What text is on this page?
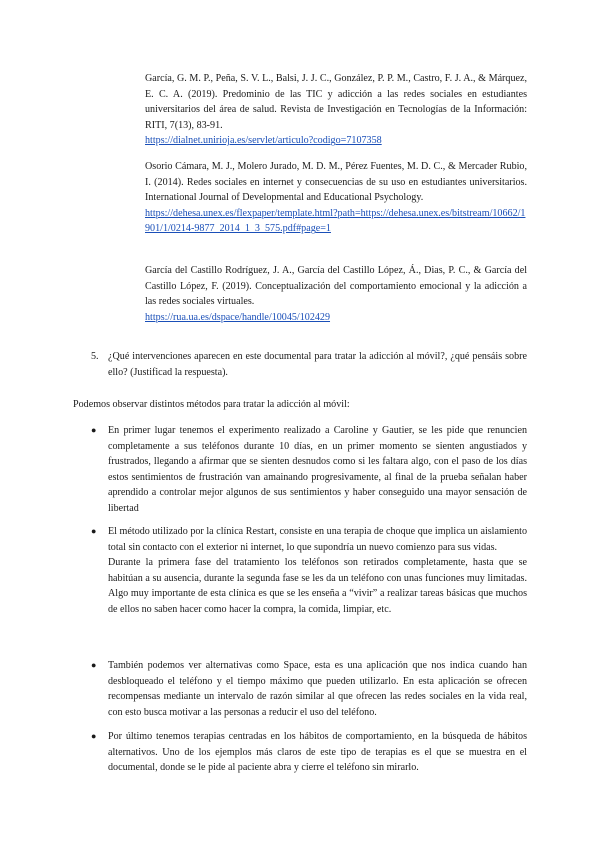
García, G. M. P., Peña, S. V. L., Balsi, J. J. C., González, P. P. M., Castro, F. J. A., & Márquez, E. C. A. (2019). Predominio de las TIC y adicción a las redes sociales en estudiantes universitarios del área de salud. Revista de Investigación en Tecnologías de la Información: RITI, 7(13), 83-91.
https://dialnet.unirioja.es/servlet/articulo?codigo=7107358
Osorio Cámara, M. J., Molero Jurado, M. D. M., Pérez Fuentes, M. D. C., & Mercader Rubio, I. (2014). Redes sociales en internet y consecuencias de su uso en estudiantes universitarios. International Journal of Developmental and Educational Psychology.
https://dehesa.unex.es/flexpaper/template.html?path=https://dehesa.unex.es/bitstream/10662/1901/1/0214-9877_2014_1_3_575.pdf#page=1
García del Castillo Rodríguez, J. A., García del Castillo López, Á., Dias, P. C., & García del Castillo López, F. (2019). Conceptualización del comportamiento emocional y la adicción a las redes sociales virtuales.
https://rua.ua.es/dspace/handle/10045/102429
5. ¿Qué intervenciones aparecen en este documental para tratar la adicción al móvil?, ¿qué pensáis sobre ello? (Justificad la respuesta).
Podemos observar distintos métodos para tratar la adicción al móvil:
● En primer lugar tenemos el experimento realizado a Caroline y Gautier, se les pide que renuncien completamente a sus teléfonos durante 10 días, en un primer momento se sienten angustiados y frustrados, llegando a afirmar que se sienten desnudos como si les faltara algo, con el paso de los días estos sentimientos de frustración van amainando progresivamente, al final de la prueba señalan haber aprendido a controlar mejor algunos de sus sentimientos y haber conseguido una mayor sensación de libertad

● El método utilizado por la clínica Restart, consiste en una terapia de choque que implica un aislamiento total sin contacto con el exterior ni internet, lo que supondría un nuevo comienzo para sus vidas.

Durante la primera fase del tratamiento los teléfonos son retirados completamente, hasta que se habitúan a su ausencia, durante la segunda fase se les da un teléfono con unas funciones muy limitadas. Algo muy importante de esta clínica es que se les enseña a “vivir” a realizar tareas básicas que muchos de ellos no saben hacer como hacer la compra, la comida, limpiar, etc.

● También podemos ver alternativas como Space, esta es una aplicación que nos indica cuando han desbloqueado el teléfono y el tiempo máximo que pueden utilizarlo. En esta aplicación se ofrecen recompensas mediante un intervalo de razón similar al que ofrecen las redes sociales en la vida real, con esto busca motivar a las personas a reducir el uso del teléfono.

● Por último tenemos terapias centradas en los hábitos de comportamiento, en la búsqueda de hábitos alternativos. Uno de los ejemplos más claros de este tipo de terapias es el que se muestra en el documental, donde se le pide al paciente abra y cierre el teléfono sin mirarlo.
